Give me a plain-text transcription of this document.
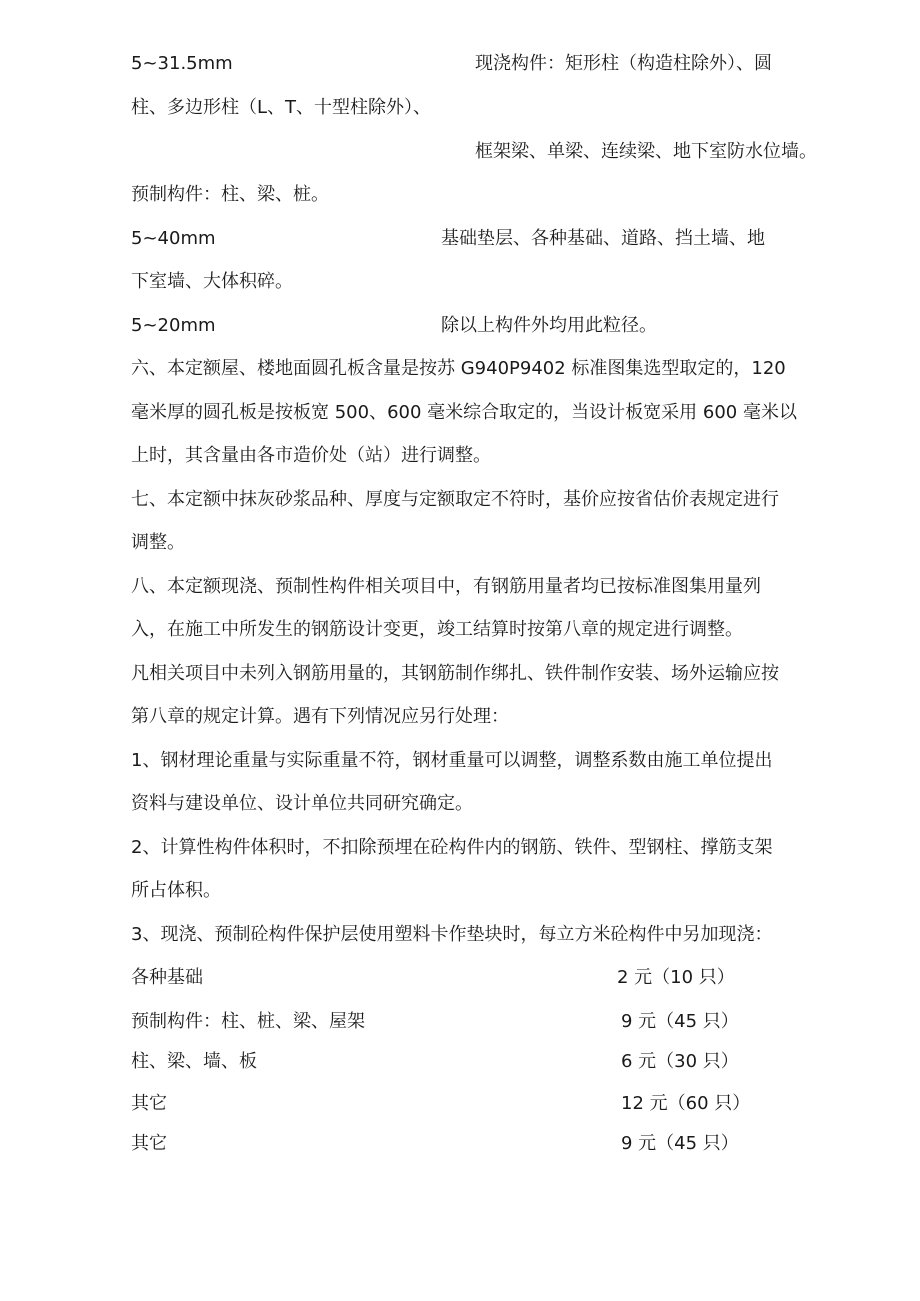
5~31.5mm	现浇构件：矩形柱（构造柱除外）、圆
柱、多边形柱（L、T、十型柱除外）、
框架梁、单梁、连续梁、地下室防水位墙。
预制构件：柱、梁、桩。
5~40mm	基础垫层、各种基础、道路、挡土墙、地
下室墙、大体积碎。
5~20mm	除以上构件外均用此粒径。
六、本定额屋、楼地面圆孔板含量是按苏 G940P9402 标准图集选型取定的，120
毫米厚的圆孔板是按板宽 500、600 毫米综合取定的，当设计板宽采用 600 毫米以
上时，其含量由各市造价处（站）进行调整。
七、本定额中抹灰砂浆品种、厚度与定额取定不符时，基价应按省估价表规定进行
调整。
八、本定额现浇、预制性构件相关项目中，有钢筋用量者均已按标准图集用量列
入，在施工中所发生的钢筋设计变更，竣工结算时按第八章的规定进行调整。
凡相关项目中未列入钢筋用量的，其钢筋制作绑扎、铁件制作安装、场外运输应按
第八章的规定计算。遇有下列情况应另行处理：
1、钢材理论重量与实际重量不符，钢材重量可以调整，调整系数由施工单位提出
资料与建设单位、设计单位共同研究确定。
2、计算性构件体积时，不扣除预埋在砼构件内的钢筋、铁件、型钢柱、撑筋支架
所占体积。
3、现浇、预制砼构件保护层使用塑料卡作垫块时，每立方米砼构件中另加现浇：
各种基础	2 元（10 只）
预制构件：柱、桩、梁、屋架	9 元（45 只）
柱、梁、墙、板	6 元（30 只）
其它	12 元（60 只）
其它	9 元（45 只）
